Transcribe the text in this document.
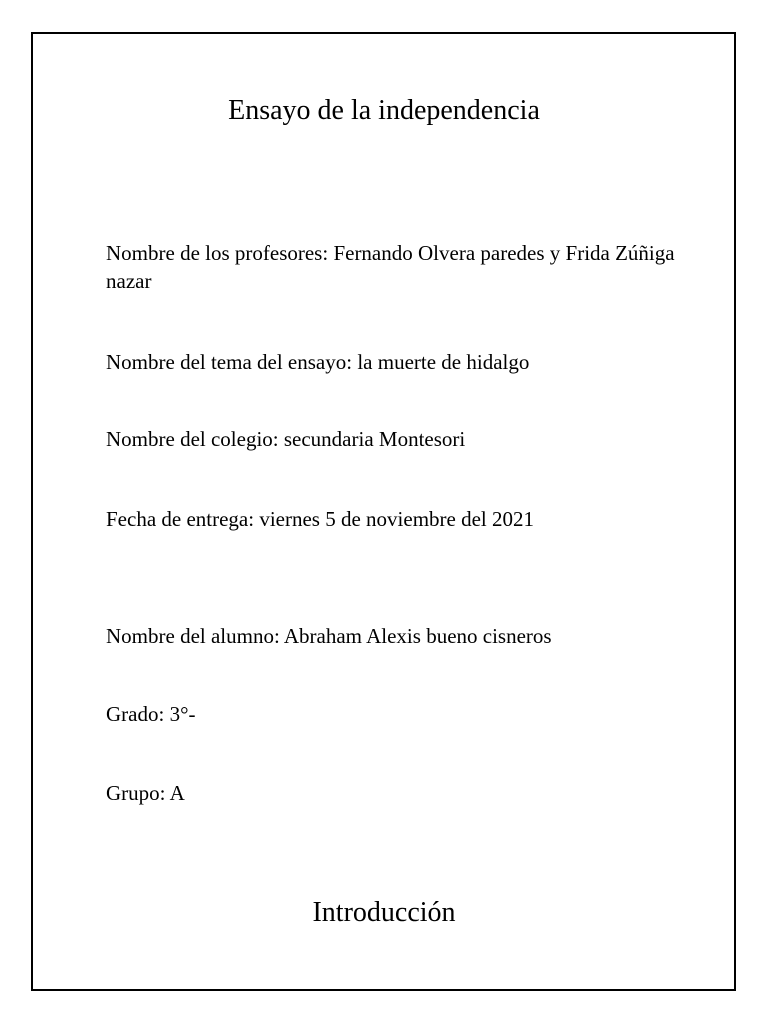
Ensayo de la independencia
Nombre de los profesores: Fernando Olvera paredes y Frida Zúñiga nazar
Nombre del tema del ensayo: la muerte de hidalgo
Nombre del colegio: secundaria Montesori
Fecha de entrega: viernes 5 de noviembre del 2021
Nombre del alumno: Abraham Alexis bueno cisneros
Grado: 3°-
Grupo: A
Introducción
